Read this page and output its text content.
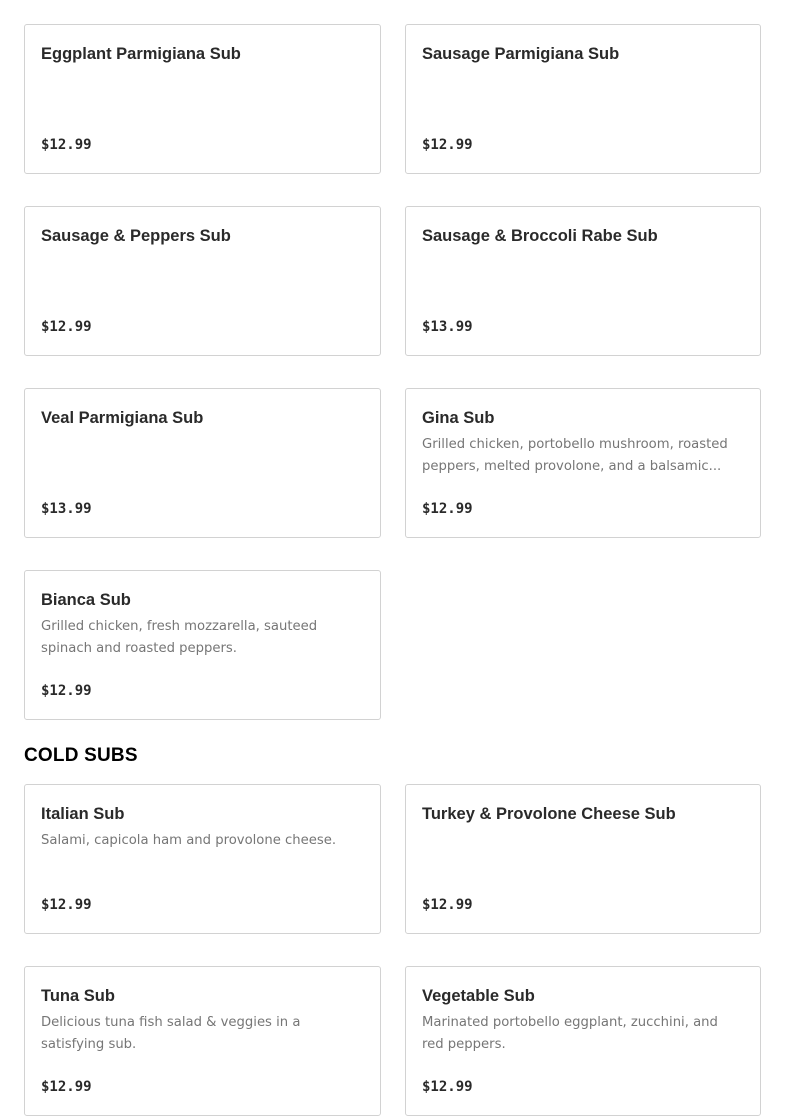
Eggplant Parmigiana Sub
$12.99
Sausage Parmigiana Sub
$12.99
Sausage & Peppers Sub
$12.99
Sausage & Broccoli Rabe Sub
$13.99
Veal Parmigiana Sub
$13.99
Gina Sub
Grilled chicken, portobello mushroom, roasted peppers, melted provolone, and a balsamic...
$12.99
Bianca Sub
Grilled chicken, fresh mozzarella, sauteed spinach and roasted peppers.
$12.99
COLD SUBS
Italian Sub
Salami, capicola ham and provolone cheese.
$12.99
Turkey & Provolone Cheese Sub
$12.99
Tuna Sub
Delicious tuna fish salad & veggies in a satisfying sub.
$12.99
Vegetable Sub
Marinated portobello eggplant, zucchini, and red peppers.
$12.99
